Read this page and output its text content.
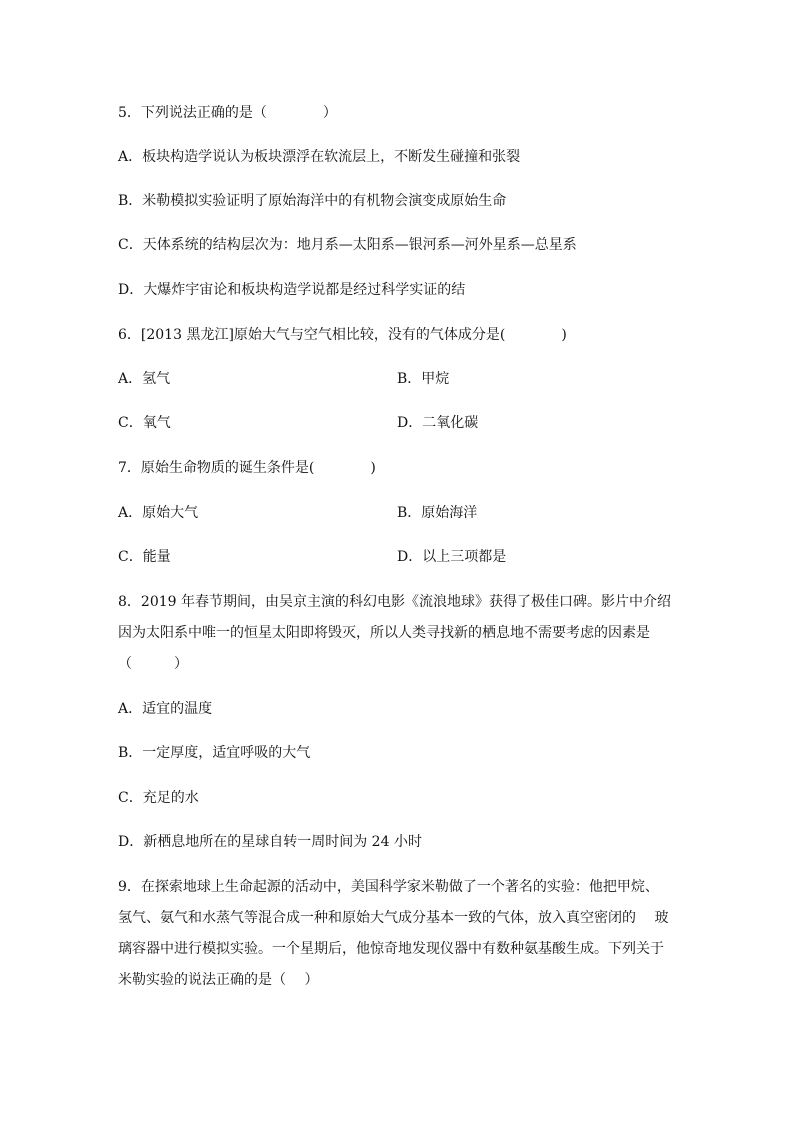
5．下列说法正确的是（　　　　）
A．板块构造学说认为板块漂浮在软流层上，不断发生碰撞和张裂
B．米勒模拟实验证明了原始海洋中的有机物会演变成原始生命
C．天体系统的结构层次为：地月系—太阳系—银河系—河外星系—总星系
D．大爆炸宇宙论和板块构造学说都是经过科学实证的结
6．[2013 黑龙江]原始大气与空气相比较，没有的气体成分是(　　　　)
A．氢气	B．甲烷
C．氧气	D．二氧化碳
7．原始生命物质的诞生条件是(　　　　)
A．原始大气	B．原始海洋
C．能量	D．以上三项都是
8．2019 年春节期间，由吴京主演的科幻电影《流浪地球》获得了极佳口碑。影片中介绍
因为太阳系中唯一的恒星太阳即将毁灭，所以人类寻找新的栖息地不需要考虑的因素是
（　　　）
A．适宜的温度
B．一定厚度，适宜呼吸的大气
C．充足的水
D．新栖息地所在的星球自转一周时间为 24 小时
9．在探索地球上生命起源的活动中，美国科学家米勒做了一个著名的实验：他把甲烷、
氢气、氨气和水蒸气等混合成一种和原始大气成分基本一致的气体，放入真空密闭的　 玻
璃容器中进行模拟实验。一个星期后，他惊奇地发现仪器中有数种氨基酸生成。下列关于
米勒实验的说法正确的是（　 ）
